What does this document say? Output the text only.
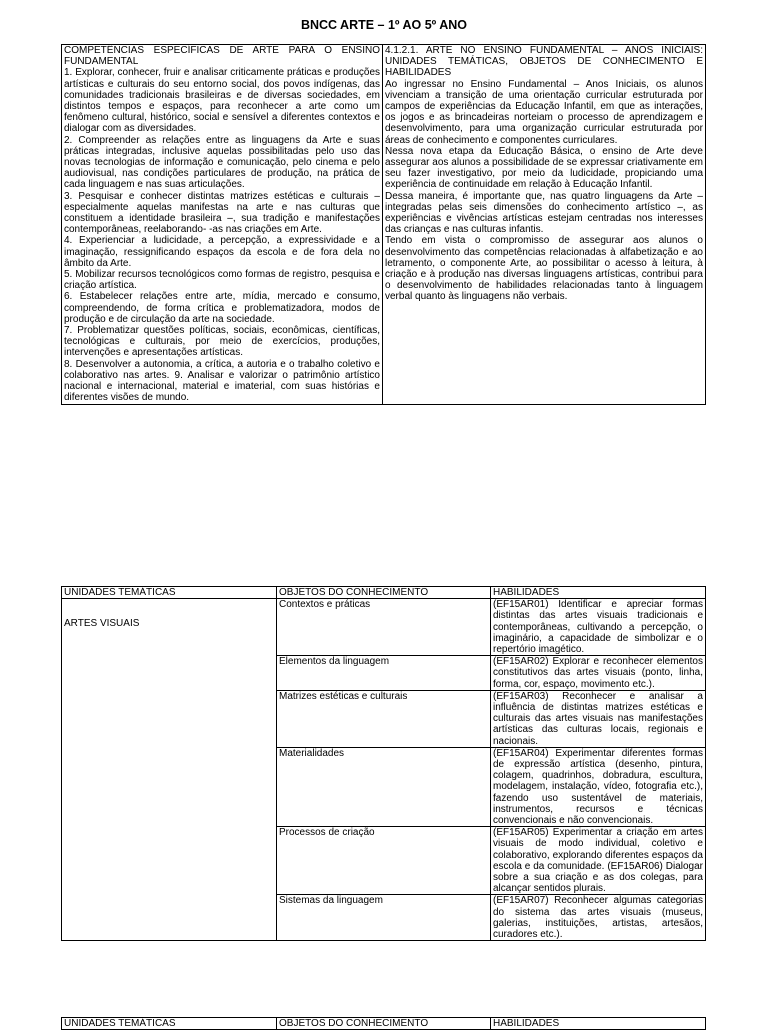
BNCC ARTE – 1º AO 5º ANO

COMPETÊNCIAS ESPECÍFICAS DE ARTE PARA O ENSINO FUNDAMENTAL

1. Explorar, conhecer, fruir e analisar criticamente práticas e produções artísticas e culturais do seu entorno social, dos povos indígenas, das comunidades tradicionais brasileiras e de diversas sociedades, em distintos tempos e espaços, para reconhecer a arte como um fenômeno cultural, histórico, social e sensível a diferentes contextos e dialogar com as diversidades.

2. Compreender as relações entre as linguagens da Arte e suas práticas integradas, inclusive aquelas possibilitadas pelo uso das novas tecnologias de informação e comunicação, pelo cinema e pelo audiovisual, nas condições particulares de produção, na prática de cada linguagem e nas suas articulações.

3. Pesquisar e conhecer distintas matrizes estéticas e culturais – especialmente aquelas manifestas na arte e nas culturas que constituem a identidade brasileira –, sua tradição e manifestações contemporâneas, reelaborando- -as nas criações em Arte.

4. Experienciar a ludicidade, a percepção, a expressividade e a imaginação, ressignificando espaços da escola e de fora dela no âmbito da Arte.

5. Mobilizar recursos tecnológicos como formas de registro, pesquisa e criação artística.

6. Estabelecer relações entre arte, mídia, mercado e consumo, compreendendo, de forma crítica e problematizadora, modos de produção e de circulação da arte na sociedade.

7. Problematizar questões políticas, sociais, econômicas, científicas, tecnológicas e culturais, por meio de exercícios, produções, intervenções e apresentações artísticas.

8. Desenvolver a autonomia, a crítica, a autoria e o trabalho coletivo e colaborativo nas artes. 9. Analisar e valorizar o patrimônio artístico nacional e internacional, material e imaterial, com suas histórias e diferentes visões de mundo.

4.1.2.1. ARTE NO ENSINO FUNDAMENTAL – ANOS INICIAIS: UNIDADES TEMÁTICAS, OBJETOS DE CONHECIMENTO E HABILIDADES

Ao ingressar no Ensino Fundamental – Anos Iniciais, os alunos vivenciam a transição de uma orientação curricular estruturada por campos de experiências da Educação Infantil, em que as interações, os jogos e as brincadeiras norteiam o processo de aprendizagem e desenvolvimento, para uma organização curricular estruturada por áreas de conhecimento e componentes curriculares.

Nessa nova etapa da Educação Básica, o ensino de Arte deve assegurar aos alunos a possibilidade de se expressar criativamente em seu fazer investigativo, por meio da ludicidade, propiciando uma experiência de continuidade em relação à Educação Infantil.

Dessa maneira, é importante que, nas quatro linguagens da Arte – integradas pelas seis dimensões do conhecimento artístico –, as experiências e vivências artísticas estejam centradas nos interesses das crianças e nas culturas infantis.

Tendo em vista o compromisso de assegurar aos alunos o desenvolvimento das competências relacionadas à alfabetização e ao letramento, o componente Arte, ao possibilitar o acesso à leitura, à criação e à produção nas diversas linguagens artísticas, contribui para o desenvolvimento de habilidades relacionadas tanto à linguagem verbal quanto às linguagens não verbais.

UNIDADES TEMÁTICAS	OBJETOS DO CONHECIMENTO	HABILIDADES

ARTES VISUAIS	Contextos e práticas	(EF15AR01) Identificar e apreciar formas distintas das artes visuais tradicionais e contemporâneas, cultivando a percepção, o imaginário, a capacidade de simbolizar e o repertório imagético.
	Elementos da linguagem	(EF15AR02) Explorar e reconhecer elementos constitutivos das artes visuais (ponto, linha, forma, cor, espaço, movimento etc.).
	Matrizes estéticas e culturais	(EF15AR03) Reconhecer e analisar a influência de distintas matrizes estéticas e culturais das artes visuais nas manifestações artísticas das culturas locais, regionais e nacionais.
	Materialidades	(EF15AR04) Experimentar diferentes formas de expressão artística (desenho, pintura, colagem, quadrinhos, dobradura, escultura, modelagem, instalação, vídeo, fotografia etc.), fazendo uso sustentável de materiais, instrumentos, recursos e técnicas convencionais e não convencionais.
	Processos de criação	(EF15AR05) Experimentar a criação em artes visuais de modo individual, coletivo e colaborativo, explorando diferentes espaços da escola e da comunidade. (EF15AR06) Dialogar sobre a sua criação e as dos colegas, para alcançar sentidos plurais.
	Sistemas da linguagem	(EF15AR07) Reconhecer algumas categorias do sistema das artes visuais (museus, galerias, instituições, artistas, artesãos, curadores etc.).
UNIDADES TEMÁTICAS	OBJETOS DO CONHECIMENTO	HABILIDADES
